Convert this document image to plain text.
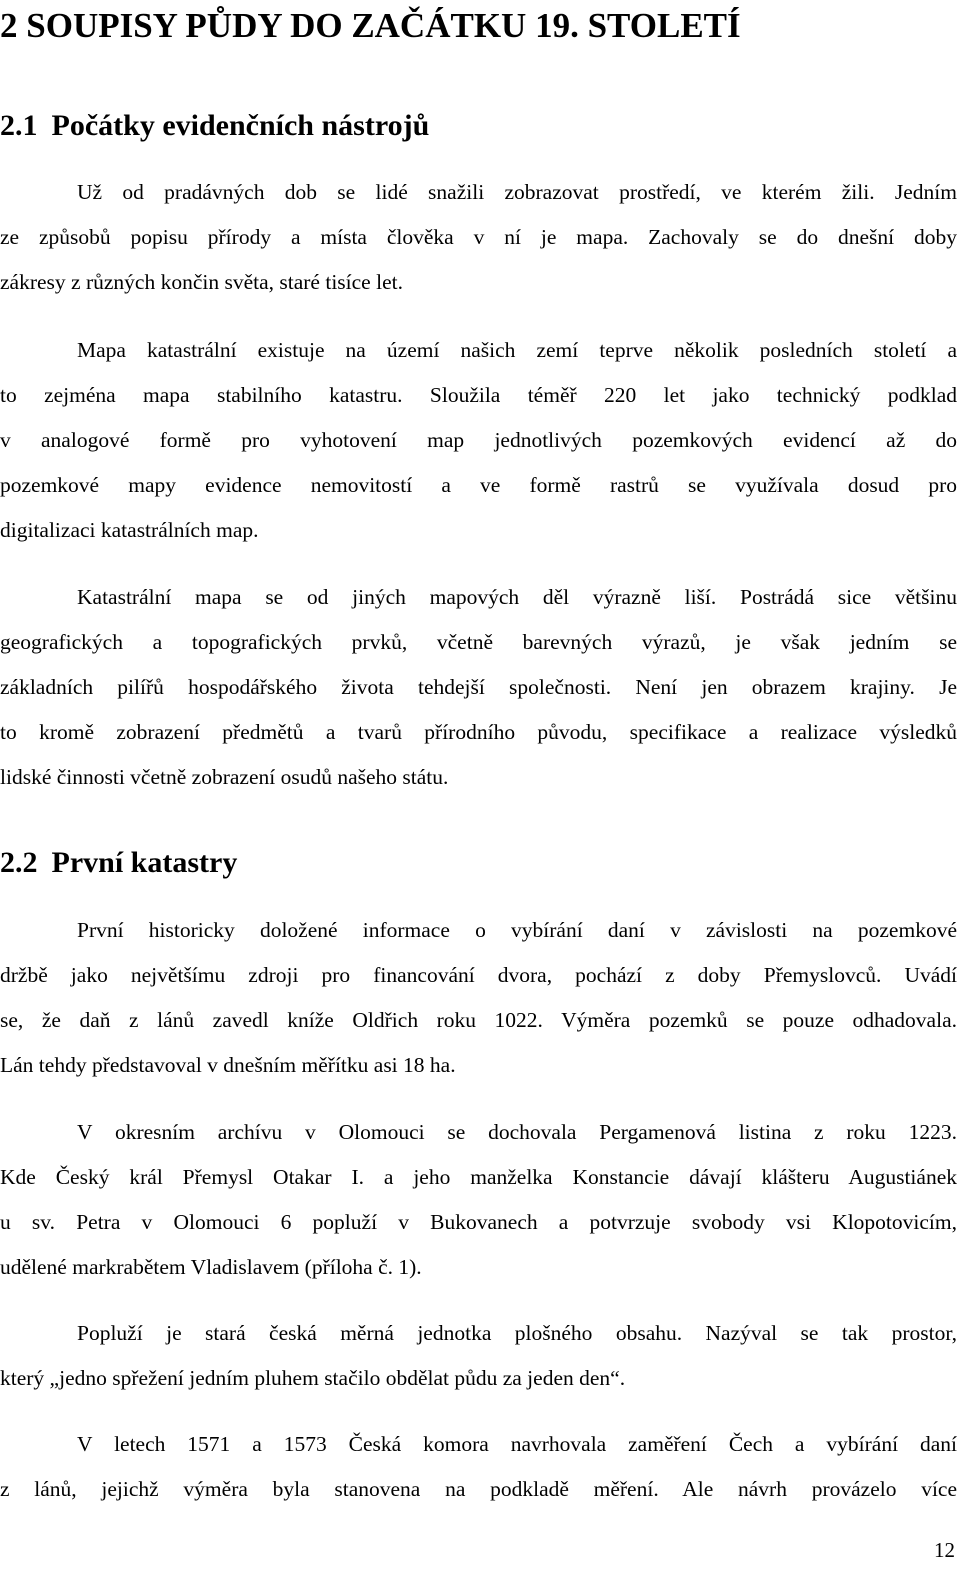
2 SOUPISY PŮDY DO ZAČÁTKU 19. STOLETÍ
2.1 Počátky evidenčních nástrojů
Už od pradávných dob se lidé snažili zobrazovat prostředí, ve kterém žili. Jedním
ze způsobů popisu přírody a místa člověka v ní je mapa. Zachovaly se do dnešní doby
zákresy z různých končin světa, staré tisíce let.
Mapa katastrální existuje na území našich zemí teprve několik posledních století a
to zejména mapa stabilního katastru. Sloužila téměř 220 let jako technický podklad
v analogové formě pro vyhotovení map jednotlivých pozemkových evidencí až do
pozemkové mapy evidence nemovitostí a ve formě rastrů se využívala dosud pro
digitalizaci katastrálních map.
Katastrální mapa se od jiných mapových děl výrazně liší. Postrádá sice většinu
geografických a topografických prvků, včetně barevných výrazů, je však jedním se
základních pilířů hospodářského života tehdejší společnosti. Není jen obrazem krajiny. Je
to kromě zobrazení předmětů a tvarů přírodního původu, specifikace a realizace výsledků
lidské činnosti včetně zobrazení osudů našeho státu.
2.2 První katastry
První historicky doložené informace o vybírání daní v závislosti na pozemkové
držbě jako největšímu zdroji pro financování dvora, pochází z doby Přemyslovců. Uvádí
se, že daň z lánů zavedl kníže Oldřich roku 1022. Výměra pozemků se pouze odhadovala.
Lán tehdy představoval v dnešním měřítku asi 18 ha.
V okresním archívu v Olomouci se dochovala Pergamenová listina z roku 1223.
Kde Český král Přemysl Otakar I. a jeho manželka Konstancie dávají klášteru Augustiánek
u sv. Petra v Olomouci 6 popluží v Bukovanech a potvrzuje svobody vsi Klopotovicím,
udělené markrabětem Vladislavem (příloha č. 1).
Popluží je stará česká měrná jednotka plošného obsahu. Nazýval se tak prostor,
který „jedno spřežení jedním pluhem stačilo obdělat půdu za jeden den“.
V letech 1571 a 1573 Česká komora navrhovala zaměření Čech a vybírání daní
z lánů, jejichž výměra byla stanovena na podkladě měření. Ale návrh provázelo více
12
